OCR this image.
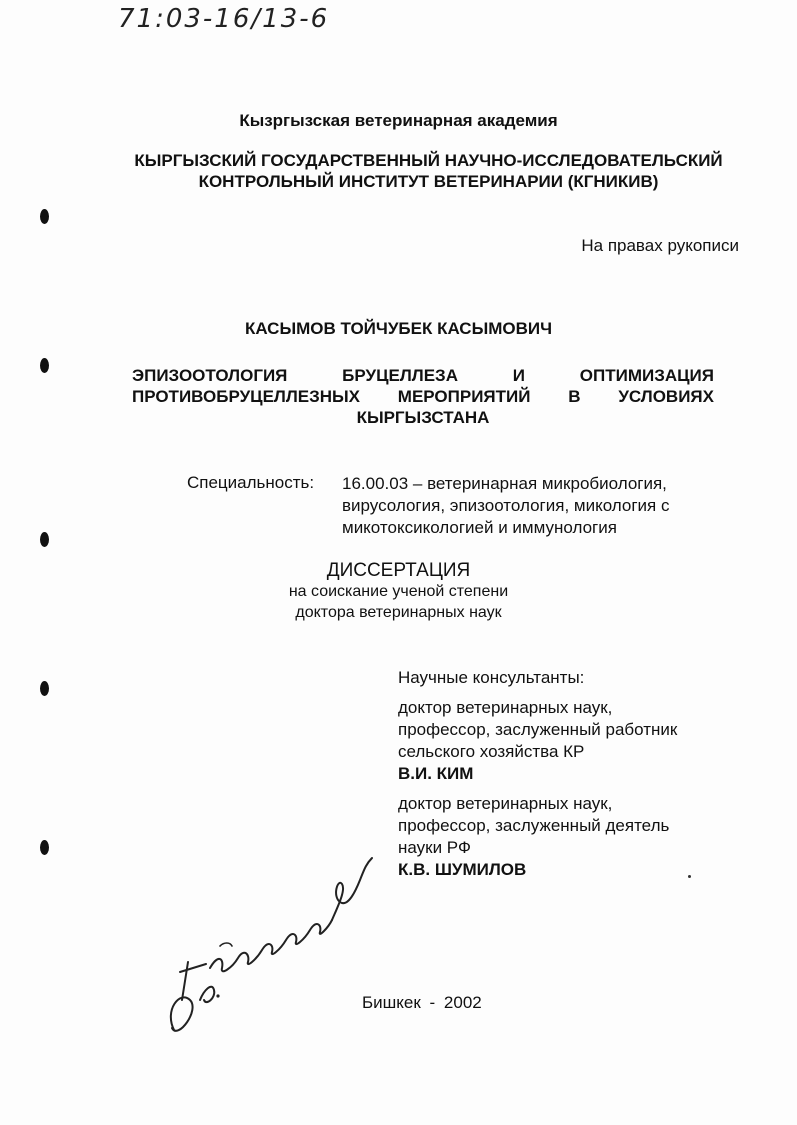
71:03-16/13-6
Кызргызская ветеринарная академия
КЫРГЫЗСКИЙ ГОСУДАРСТВЕННЫЙ НАУЧНО-ИССЛЕДОВАТЕЛЬСКИЙ
КОНТРОЛЬНЫЙ ИНСТИТУТ ВЕТЕРИНАРИИ (КГНИКИВ)
На правах рукописи
КАСЫМОВ ТОЙЧУБЕК КАСЫМОВИЧ
ЭПИЗООТОЛОГИЯ БРУЦЕЛЛЕЗА И ОПТИМИЗАЦИЯ
ПРОТИВОБРУЦЕЛЛЕЗНЫХ МЕРОПРИЯТИЙ В УСЛОВИЯХ
КЫРГЫЗСТАНА
Специальность: 16.00.03 – ветеринарная микробиология,
вирусология, эпизоотология, микология с
микотоксикологией и иммунология
ДИССЕРТАЦИЯ
на соискание ученой степени
доктора ветеринарных наук
Научные консультанты:
доктор ветеринарных наук,
профессор, заслуженный работник
сельского хозяйства КР
В.И. КИМ
доктор ветеринарных наук,
профессор, заслуженный деятель
науки РФ
К.В. ШУМИЛОВ
Бишкек - 2002
